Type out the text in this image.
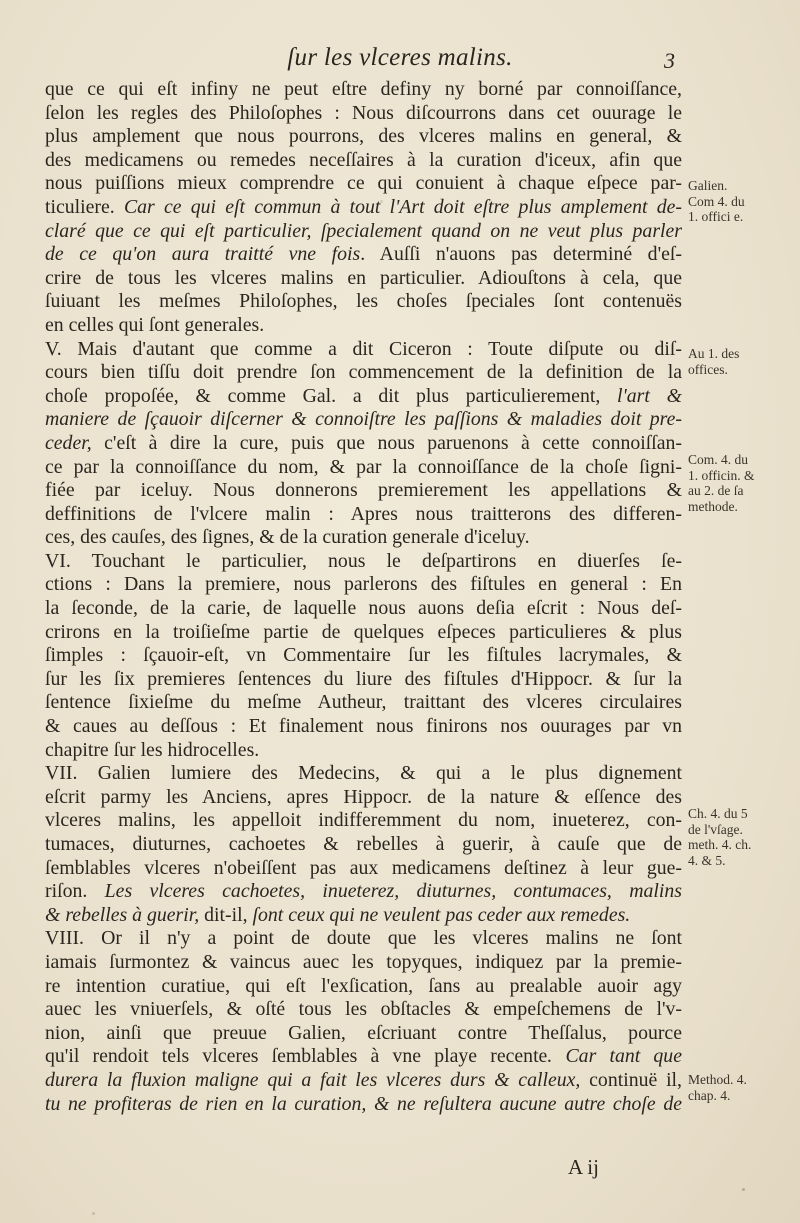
ſur les vlceres malins.	3
que ce qui eſt infiny ne peut eſtre definy ny borné par connoiſſance,
ſelon les regles des Philoſophes : Nous diſcourrons dans cet ouurage le
plus amplement que nous pourrons, des vlceres malins en general, &
des medicamens ou remedes neceſſaires à la curation d'iceux, afin que
nous puiſſions mieux comprendre ce qui conuient à chaque eſpece par-
ticuliere. Car ce qui eſt commun à tout l'Art doit eſtre plus amplement de-
claré que ce qui eſt particulier, ſpecialement quand on ne veut plus parler
de ce qu'on aura traitté vne fois. Auſſi n'auons pas determiné d'eſ-
crire de tous les vlceres malins en particulier. Adiouſtons à cela, que
ſuiuant les meſmes Philoſophes, les choſes ſpeciales ſont contenuës
en celles qui ſont generales.
V. Mais d'autant que comme a dit Ciceron : Toute diſpute ou diſ-
cours bien tiſſu doit prendre ſon commencement de la definition de la
choſe propoſée, & comme Gal. a dit plus particulierement, l'art &
maniere de ſçauoir diſcerner & connoiſtre les paſſions & maladies doit pre-
ceder, c'eſt à dire la cure, puis que nous paruenons à cette connoiſſan-
ce par la connoiſſance du nom, & par la connoiſſance de la choſe ſigni-
fiée par iceluy. Nous donnerons premierement les appellations &
deffinitions de l'vlcere malin : Apres nous traitterons des differen-
ces, des cauſes, des ſignes, & de la curation generale d'iceluy.
VI. Touchant le particulier, nous le deſpartirons en diuerſes ſe-
ctions : Dans la premiere, nous parlerons des fiſtules en general : En
la ſeconde, de la carie, de laquelle nous auons deſia eſcrit : Nous deſ-
crirons en la troiſieſme partie de quelques eſpeces particulieres & plus
ſimples : ſçauoir-eſt, vn Commentaire ſur les fiſtules lacrymales, &
ſur les ſix premieres ſentences du liure des fiſtules d'Hippocr. & ſur la
ſentence ſixieſme du meſme Autheur, traittant des vlceres circulaires
& caues au deſſous : Et finalement nous finirons nos ouurages par vn
chapitre ſur les hidrocelles.
VII. Galien lumiere des Medecins, & qui a le plus dignement
eſcrit parmy les Anciens, apres Hippocr. de la nature & eſſence des
vlceres malins, les appelloit indifferemment du nom, inueterez, con-
tumaces, diuturnes, cachoetes & rebelles à guerir, à cauſe que de
ſemblables vlceres n'obeiſſent pas aux medicamens deſtinez à leur gue-
riſon. Les vlceres cachoetes, inueterez, diuturnes, contumaces, malins
& rebelles à guerir, dit-il, ſont ceux qui ne veulent pas ceder aux remedes.
VIII. Or il n'y a point de doute que les vlceres malins ne ſont
iamais ſurmontez & vaincus auec les topyques, indiquez par la premie-
re intention curatiue, qui eſt l'exſication, ſans au prealable auoir agy
auec les vniuerſels, & oſté tous les obſtacles & empeſchemens de l'v-
nion, ainſi que preuue Galien, eſcriuant contre Theſſalus, pource
qu'il rendoit tels vlceres ſemblables à vne playe recente. Car tant que
durera la fluxion maligne qui a fait les vlceres durs & calleux, continuë il,
tu ne profiteras de rien en la curation, & ne reſultera aucune autre choſe de
Galien.
Com 4. du
1. offici e.
Au 1. des
offices.
Com. 4. du
1. officin. &
au 2. de ſa
methode.
Ch. 4. du 5
de l'vſage.
meth. 4. ch.
4. & 5.
Method. 4.
chap. 4.
A ij
